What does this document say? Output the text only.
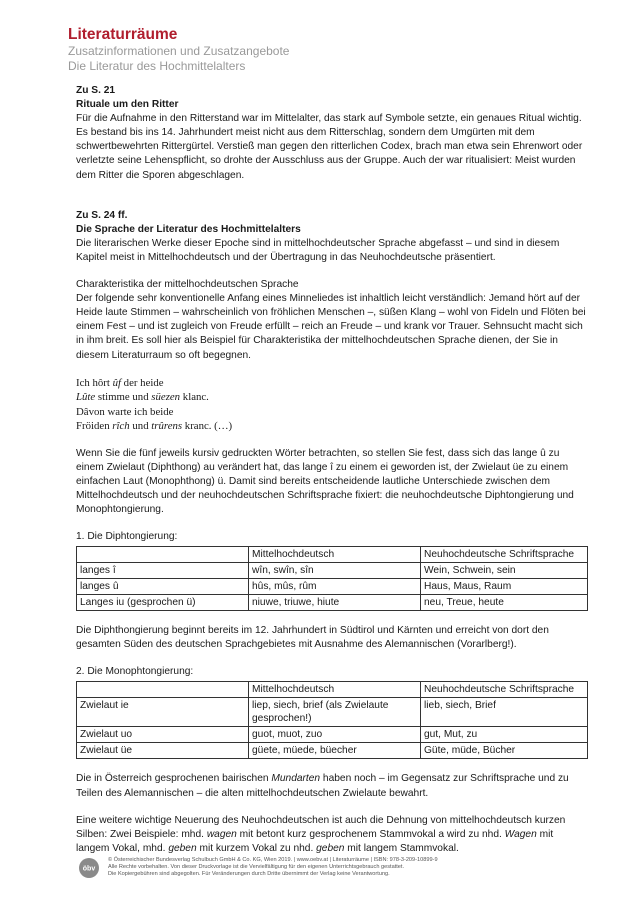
Literaturräume
Zusatzinformationen und Zusatzangebote
Die Literatur des Hochmittelalters

Zu S. 21

Rituale um den Ritter

Für die Aufnahme in den Ritterstand war im Mittelalter, das stark auf Symbole setzte, ein genaues Ritual wichtig. Es bestand bis ins 14. Jahrhundert meist nicht aus dem Ritterschlag, sondern dem Umgürten mit dem schwertbewehrten Rittergürtel. Verstieß man gegen den ritterlichen Codex, brach man etwa sein Ehrenwort oder verletzte seine Lehenspflicht, so drohte der Ausschluss aus der Gruppe. Auch der war ritualisiert: Meist wurden dem Ritter die Sporen abgeschlagen.

Zu S. 24 ff.

Die Sprache der Literatur des Hochmittelalters

Die literarischen Werke dieser Epoche sind in mittelhochdeutscher Sprache abgefasst – und sind in diesem Kapitel meist in Mittelhochdeutsch und der Übertragung in das Neuhochdeutsche präsentiert.

Charakteristika der mittelhochdeutschen Sprache

Der folgende sehr konventionelle Anfang eines Minneliedes ist inhaltlich leicht verständlich: Jemand hört auf der Heide laute Stimmen – wahrscheinlich von fröhlichen Menschen –, süßen Klang – wohl von Fideln und Flöten bei einem Fest – und ist zugleich von Freude erfüllt – reich an Freude – und krank vor Trauer. Sehnsucht macht sich in ihm breit. Es soll hier als Beispiel für Charakteristika der mittelhochdeutschen Sprache dienen, der Sie in diesem Literaturraum so oft begegnen.

Ich hôrt ûf der heide
Lûte stimme und süezen klanc.
Dâvon warte ich beide
Fröiden rîch und trûrens kranc. (…)

Wenn Sie die fünf jeweils kursiv gedruckten Wörter betrachten, so stellen Sie fest, dass sich das lange û zu einem Zwielaut (Diphthong) au verändert hat, das lange î zu einem ei geworden ist, der Zwielaut üe zu einem einfachen Laut (Monophthong) ü. Damit sind bereits entscheidende lautliche Unterschiede zwischen dem Mittelhochdeutsch und der neuhochdeutschen Schriftsprache fixiert: die neuhochdeutsche Diphtongierung und Monophtongierung.

1. Die Diphtongierung:

	Mittelhochdeutsch	Neuhochdeutsche Schriftsprache
langes î	wîn, swîn, sîn	Wein, Schwein, sein
langes û	hûs, mûs, rûm	Haus, Maus, Raum
Langes iu (gesprochen ü)	niuwe, triuwe, hiute	neu, Treue, heute

Die Diphthongierung beginnt bereits im 12. Jahrhundert in Südtirol und Kärnten und erreicht von dort den gesamten Süden des deutschen Sprachgebietes mit Ausnahme des Alemannischen (Vorarlberg!).

2. Die Monophtongierung:

	Mittelhochdeutsch	Neuhochdeutsche Schriftsprache
Zwielaut ie	liep, siech, brief (als Zwielaute gesprochen!)	lieb, siech, Brief
Zwielaut uo	guot, muot, zuo	gut, Mut, zu
Zwielaut üe	güete, müede, büecher	Güte, müde, Bücher

Die in Österreich gesprochenen bairischen Mundarten haben noch – im Gegensatz zur Schriftsprache und zu Teilen des Alemannischen – die alten mittelhochdeutschen Zwielaute bewahrt.

Eine weitere wichtige Neuerung des Neuhochdeutschen ist auch die Dehnung von mittelhochdeutsch kurzen Silben: Zwei Beispiele: mhd. wagen mit betont kurz gesprochenem Stammvokal a wird zu nhd. Wagen mit langem Vokal, mhd. geben mit kurzem Vokal zu nhd. geben mit langem Stammvokal.

öbv
© Österreichischer Bundesverlag Schulbuch GmbH & Co. KG, Wien 2019. | www.oebv.at | Literaturräume | ISBN: 978-3-209-10899-9
Alle Rechte vorbehalten. Von dieser Druckvorlage ist die Vervielfältigung für den eigenen Unterrichtsgebrauch gestattet.
Die Kopiergebühren sind abgegolten. Für Veränderungen durch Dritte übernimmt der Verlag keine Verantwortung.
